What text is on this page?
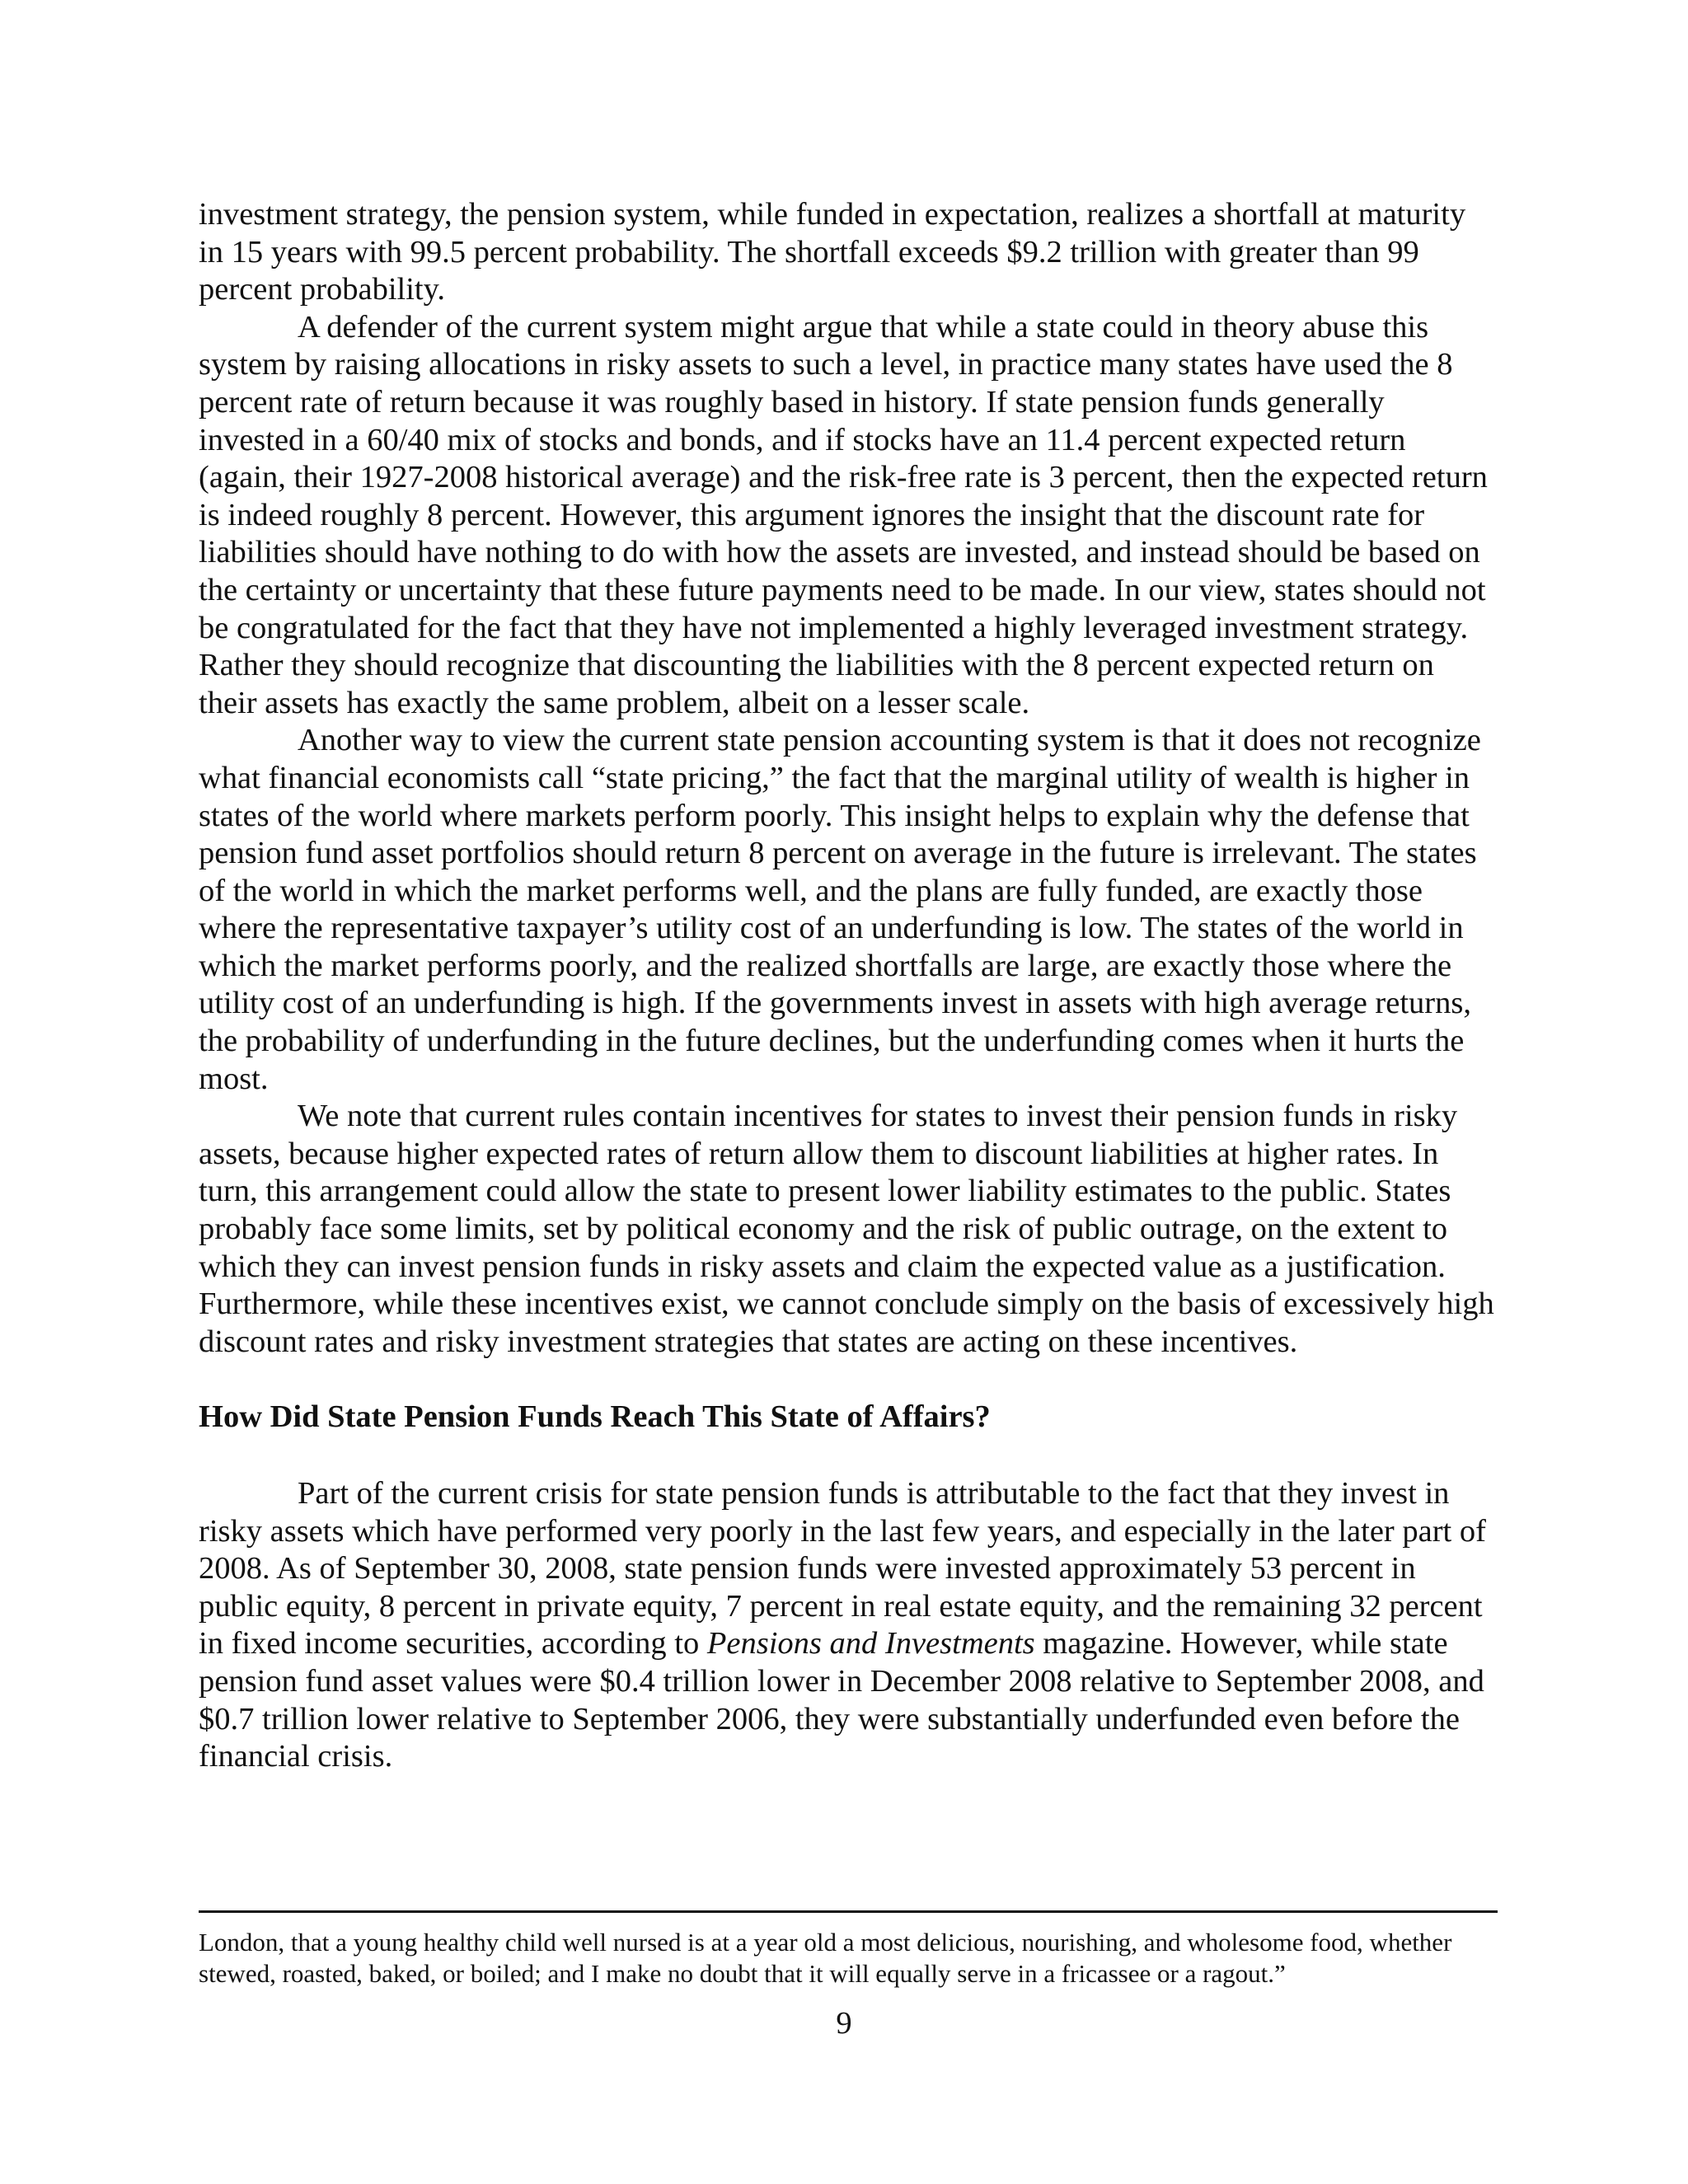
investment strategy, the pension system, while funded in expectation, realizes a shortfall at maturity in 15 years with 99.5 percent probability. The shortfall exceeds $9.2 trillion with greater than 99 percent probability.

A defender of the current system might argue that while a state could in theory abuse this system by raising allocations in risky assets to such a level, in practice many states have used the 8 percent rate of return because it was roughly based in history. If state pension funds generally invested in a 60/40 mix of stocks and bonds, and if stocks have an 11.4 percent expected return (again, their 1927-2008 historical average) and the risk-free rate is 3 percent, then the expected return is indeed roughly 8 percent. However, this argument ignores the insight that the discount rate for liabilities should have nothing to do with how the assets are invested, and instead should be based on the certainty or uncertainty that these future payments need to be made. In our view, states should not be congratulated for the fact that they have not implemented a highly leveraged investment strategy. Rather they should recognize that discounting the liabilities with the 8 percent expected return on their assets has exactly the same problem, albeit on a lesser scale.

Another way to view the current state pension accounting system is that it does not recognize what financial economists call “state pricing,” the fact that the marginal utility of wealth is higher in states of the world where markets perform poorly. This insight helps to explain why the defense that pension fund asset portfolios should return 8 percent on average in the future is irrelevant. The states of the world in which the market performs well, and the plans are fully funded, are exactly those where the representative taxpayer’s utility cost of an underfunding is low. The states of the world in which the market performs poorly, and the realized shortfalls are large, are exactly those where the utility cost of an underfunding is high. If the governments invest in assets with high average returns, the probability of underfunding in the future declines, but the underfunding comes when it hurts the most.

We note that current rules contain incentives for states to invest their pension funds in risky assets, because higher expected rates of return allow them to discount liabilities at higher rates. In turn, this arrangement could allow the state to present lower liability estimates to the public. States probably face some limits, set by political economy and the risk of public outrage, on the extent to which they can invest pension funds in risky assets and claim the expected value as a justification. Furthermore, while these incentives exist, we cannot conclude simply on the basis of excessively high discount rates and risky investment strategies that states are acting on these incentives.

How Did State Pension Funds Reach This State of Affairs?

Part of the current crisis for state pension funds is attributable to the fact that they invest in risky assets which have performed very poorly in the last few years, and especially in the later part of 2008. As of September 30, 2008, state pension funds were invested approximately 53 percent in public equity, 8 percent in private equity, 7 percent in real estate equity, and the remaining 32 percent in fixed income securities, according to Pensions and Investments magazine. However, while state pension fund asset values were $0.4 trillion lower in December 2008 relative to September 2008, and $0.7 trillion lower relative to September 2006, they were substantially underfunded even before the financial crisis.

London, that a young healthy child well nursed is at a year old a most delicious, nourishing, and wholesome food, whether stewed, roasted, baked, or boiled; and I make no doubt that it will equally serve in a fricassee or a ragout.”

9
